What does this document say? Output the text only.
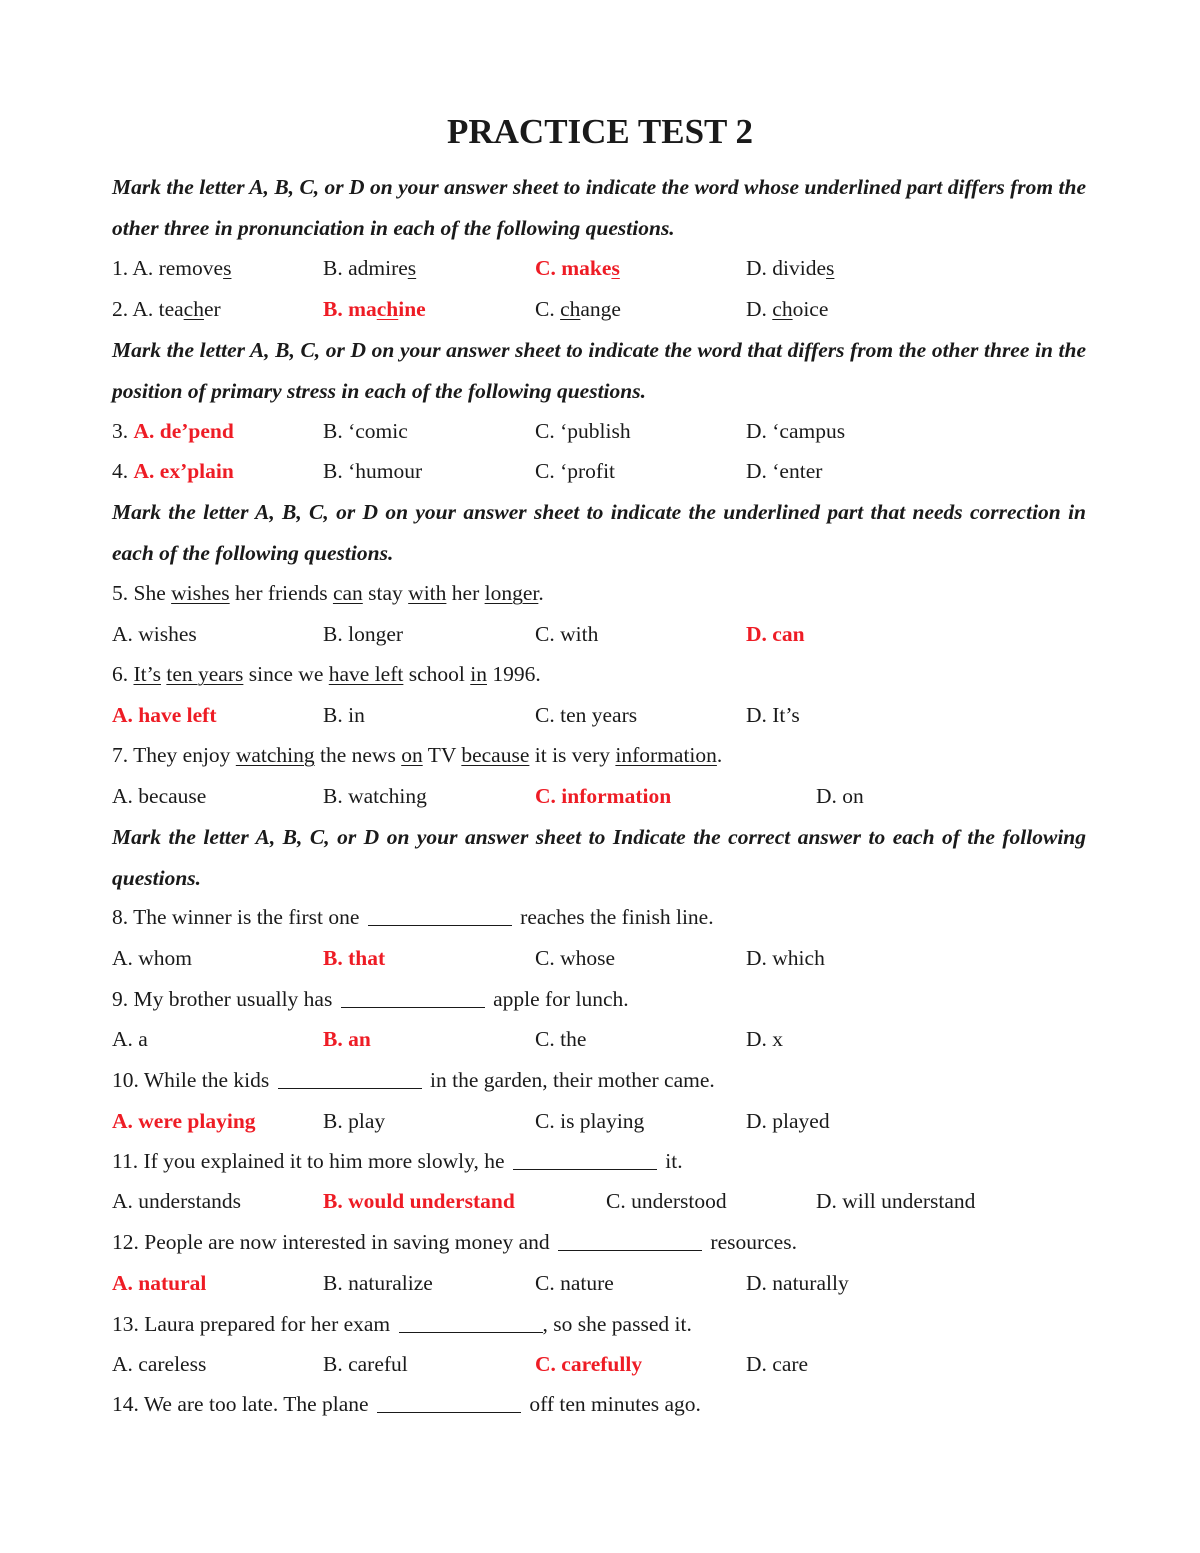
PRACTICE TEST 2
Mark the letter A, B, C, or D on your answer sheet to indicate the word whose underlined part differs from the other three in pronunciation in each of the following questions.
1. A. removes	B. admires	C. makes	D. divides
2. A. teacher	B. machine	C. change	D. choice
Mark the letter A, B, C, or D on your answer sheet to indicate the word that differs from the other three in the position of primary stress in each of the following questions.
3. A. de’pend	B. ‘comic	C. ‘publish	D. ‘campus
4. A. ex’plain	B. ‘humour	C. ‘profit	D. ‘enter
Mark the letter A, B, C, or D on your answer sheet to indicate the underlined part that needs correction in each of the following questions.
5. She wishes her friends can stay with her longer.
A. wishes	B. longer	C. with	D. can
6. It’s ten years since we have left school in 1996.
A. have left	B. in	C. ten years	D. It’s
7. They enjoy watching the news on TV because it is very information.
A. because	B. watching	C. information	D. on
Mark the letter A, B, C, or D on your answer sheet to Indicate the correct answer to each of the following questions.
8. The winner is the first one	reaches the finish line.
A. whom	B. that	C. whose	D. which
9. My brother usually has	apple for lunch.
A. a	B. an	C. the	D. x
10. While the kids	in the garden, their mother came.
A. were playing	B. play	C. is playing	D. played
11. If you explained it to him more slowly, he	it.
A. understands	B. would understand	C. understood	D. will understand
12. People are now interested in saving money and	resources.
A. natural	B. naturalize	C. nature	D. naturally
13. Laura prepared for her exam	, so she passed it.
A. careless	B. careful	C. carefully	D. care
14. We are too late. The plane	off ten minutes ago.
